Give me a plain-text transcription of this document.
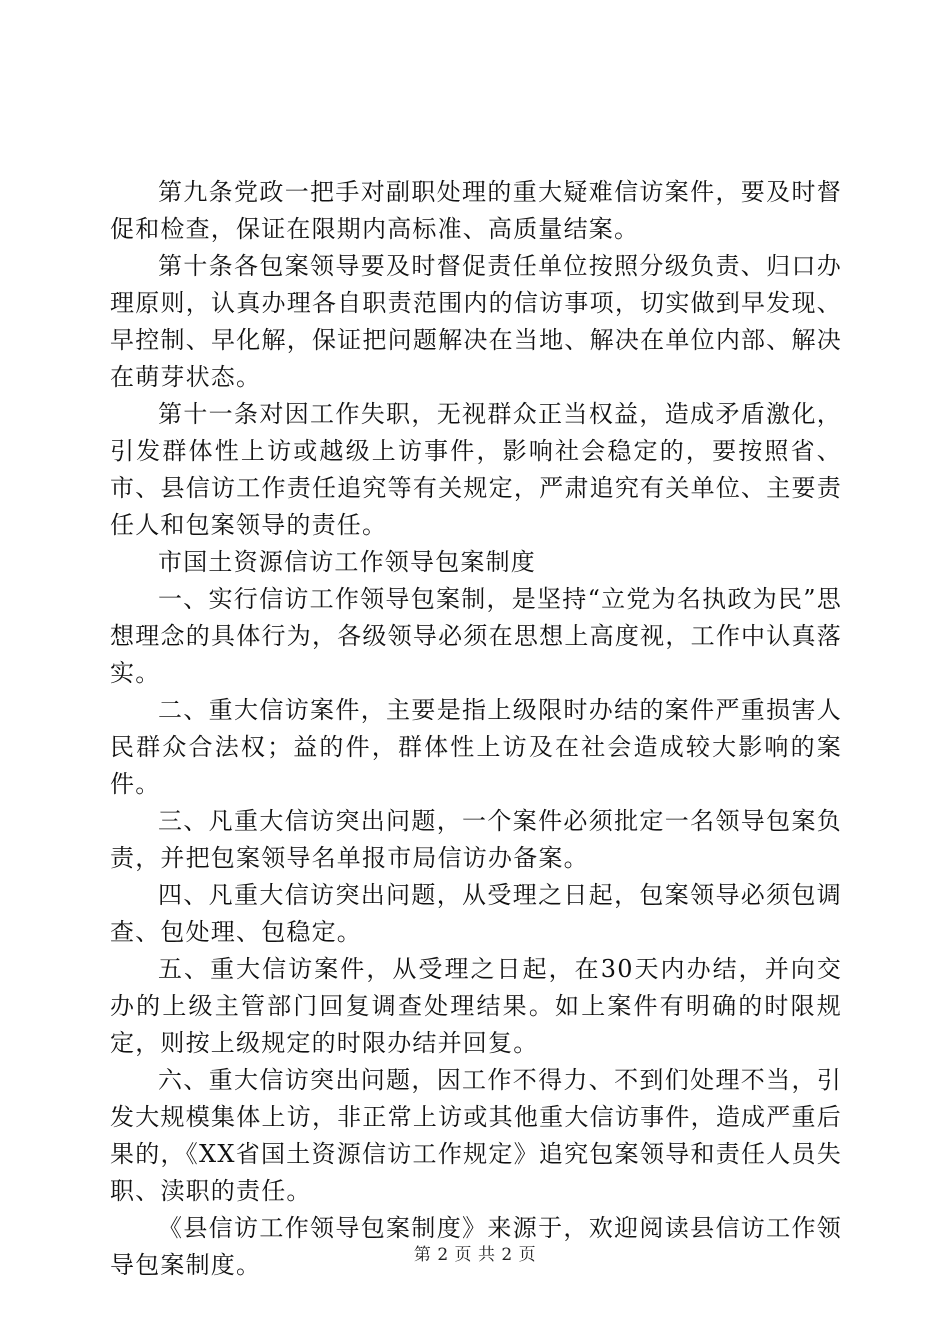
第九条党政一把手对副职处理的重大疑难信访案件，要及时督促和检查，保证在限期内高标准、高质量结案。

第十条各包案领导要及时督促责任单位按照分级负责、归口办理原则，认真办理各自职责范围内的信访事项，切实做到早发现、早控制、早化解，保证把问题解决在当地、解决在单位内部、解决在萌芽状态。

第十一条对因工作失职，无视群众正当权益，造成矛盾激化，引发群体性上访或越级上访事件，影响社会稳定的，要按照省、市、县信访工作责任追究等有关规定，严肃追究有关单位、主要责任人和包案领导的责任。

市国土资源信访工作领导包案制度

一、实行信访工作领导包案制，是坚持“立党为名执政为民”思想理念的具体行为，各级领导必须在思想上高度视，工作中认真落实。

二、重大信访案件，主要是指上级限时办结的案件严重损害人民群众合法权；益的件，群体性上访及在社会造成较大影响的案件。

三、凡重大信访突出问题，一个案件必须批定一名领导包案负责，并把包案领导名单报市局信访办备案。

四、凡重大信访突出问题，从受理之日起，包案领导必须包调查、包处理、包稳定。

五、重大信访案件，从受理之日起，在30天内办结，并向交办的上级主管部门回复调查处理结果。如上案件有明确的时限规定，则按上级规定的时限办结并回复。

六、重大信访突出问题，因工作不得力、不到们处理不当，引发大规模集体上访，非正常上访或其他重大信访事件，造成严重后果的，《XX省国土资源信访工作规定》追究包案领导和责任人员失职、渎职的责任。

《县信访工作领导包案制度》来源于，欢迎阅读县信访工作领导包案制度。	第 2 页 共 2 页
